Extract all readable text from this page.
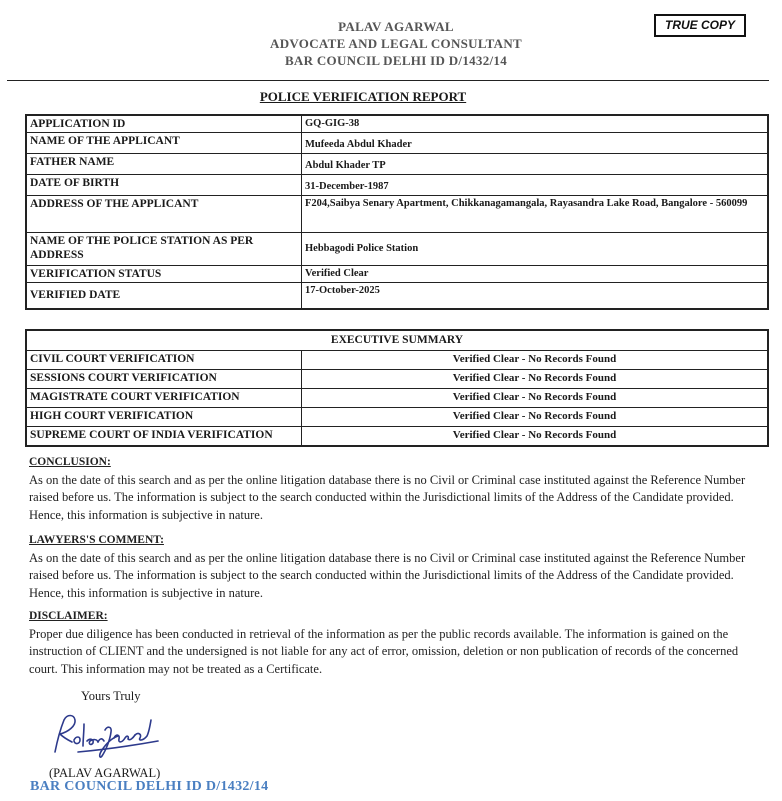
PALAV AGARWAL
ADVOCATE AND LEGAL CONSULTANT
BAR COUNCIL DELHI ID D/1432/14
TRUE COPY
POLICE VERIFICATION REPORT
APPLICATION ID	GQ-GIG-38
NAME OF THE APPLICANT	Mufeeda Abdul Khader
FATHER NAME	Abdul Khader TP
DATE OF BIRTH	31-December-1987
ADDRESS OF THE APPLICANT	F204,Saibya Senary Apartment, Chikkanagamangala, Rayasandra Lake Road, Bangalore - 560099
NAME OF THE POLICE STATION AS PER ADDRESS	Hebbagodi Police Station
VERIFICATION STATUS	Verified Clear
VERIFIED DATE	17-October-2025
EXECUTIVE SUMMARY	
CIVIL COURT VERIFICATION	Verified Clear - No Records Found
SESSIONS COURT VERIFICATION	Verified Clear - No Records Found
MAGISTRATE COURT VERIFICATION	Verified Clear - No Records Found
HIGH COURT VERIFICATION	Verified Clear - No Records Found
SUPREME COURT OF INDIA VERIFICATION	Verified Clear - No Records Found
CONCLUSION:
As on the date of this search and as per the online litigation database there is no Civil or Criminal case instituted against the Reference Number raised before us. The information is subject to the search conducted within the Jurisdictional limits of the Address of the Candidate provided. Hence, this information is subjective in nature.
LAWYERS'S COMMENT:
As on the date of this search and as per the online litigation database there is no Civil or Criminal case instituted against the Reference Number raised before us. The information is subject to the search conducted within the Jurisdictional limits of the Address of the Candidate provided. Hence, this information is subjective in nature.
DISCLAIMER:
Proper due diligence has been conducted in retrieval of the information as per the public records available. The information is gained on the instruction of CLIENT and the undersigned is not liable for any act of error, omission, deletion or non publication of records of the concerned court. This information may not be treated as a Certificate.
Yours Truly
(PALAV AGARWAL)
BAR COUNCIL DELHI ID D/1432/14
